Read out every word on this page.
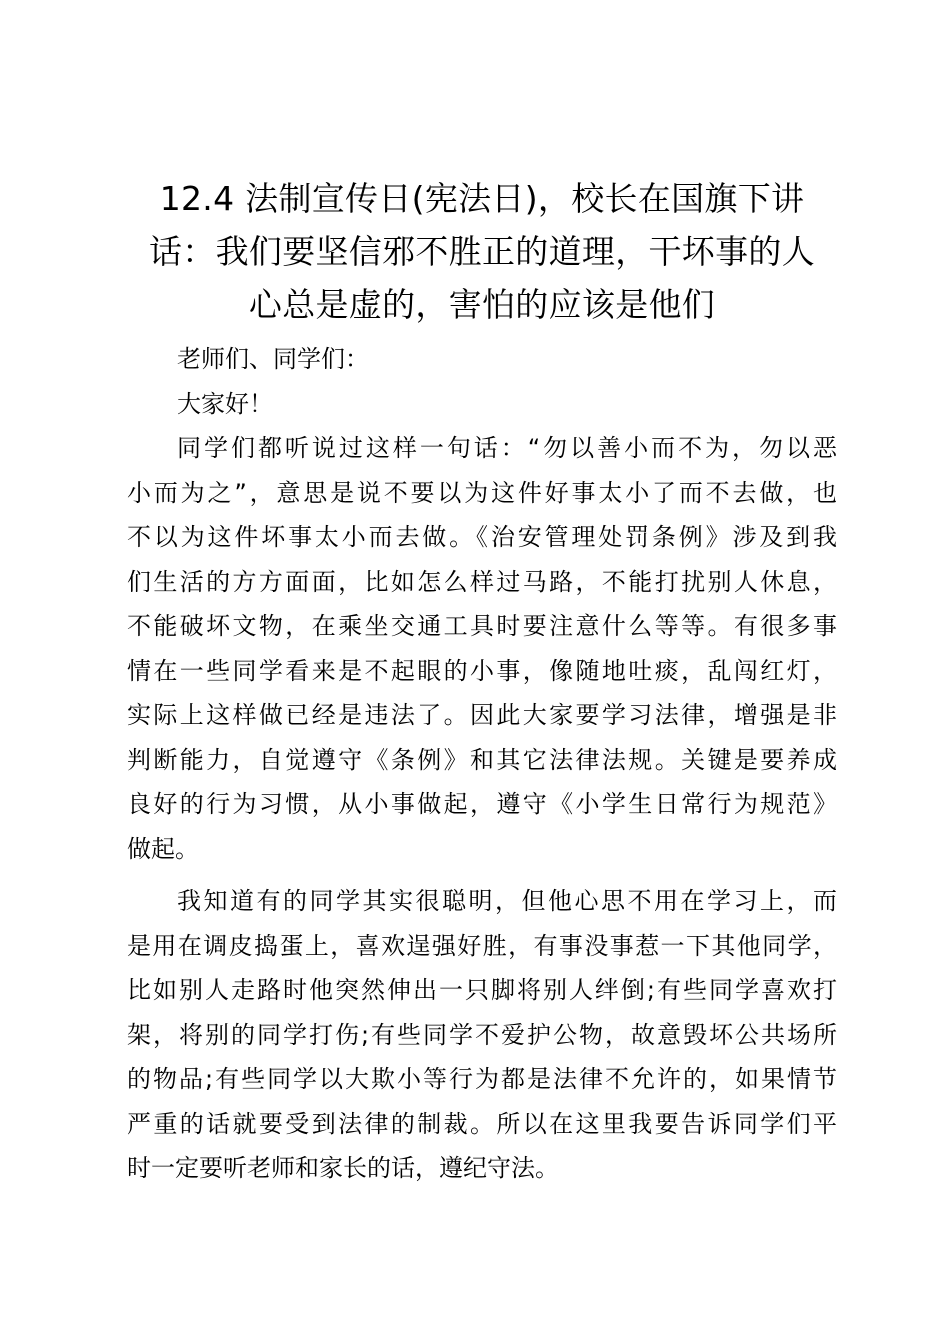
12.4 法制宣传日(宪法日)，校长在国旗下讲
话：我们要坚信邪不胜正的道理，干坏事的人
心总是虚的，害怕的应该是他们
老师们、同学们：
大家好！
同学们都听说过这样一句话：“勿以善小而不为，勿以恶
小而为之”，意思是说不要以为这件好事太小了而不去做，也
不以为这件坏事太小而去做。《治安管理处罚条例》涉及到我
们生活的方方面面，比如怎么样过马路，不能打扰别人休息，
不能破坏文物，在乘坐交通工具时要注意什么等等。有很多事
情在一些同学看来是不起眼的小事，像随地吐痰，乱闯红灯，
实际上这样做已经是违法了。因此大家要学习法律，增强是非
判断能力，自觉遵守《条例》和其它法律法规。关键是要养成
良好的行为习惯，从小事做起，遵守《小学生日常行为规范》
做起。
我知道有的同学其实很聪明，但他心思不用在学习上，而
是用在调皮捣蛋上，喜欢逞强好胜，有事没事惹一下其他同学，
比如别人走路时他突然伸出一只脚将别人绊倒;有些同学喜欢打
架，将别的同学打伤;有些同学不爱护公物，故意毁坏公共场所
的物品;有些同学以大欺小等行为都是法律不允许的，如果情节
严重的话就要受到法律的制裁。所以在这里我要告诉同学们平
时一定要听老师和家长的话，遵纪守法。
